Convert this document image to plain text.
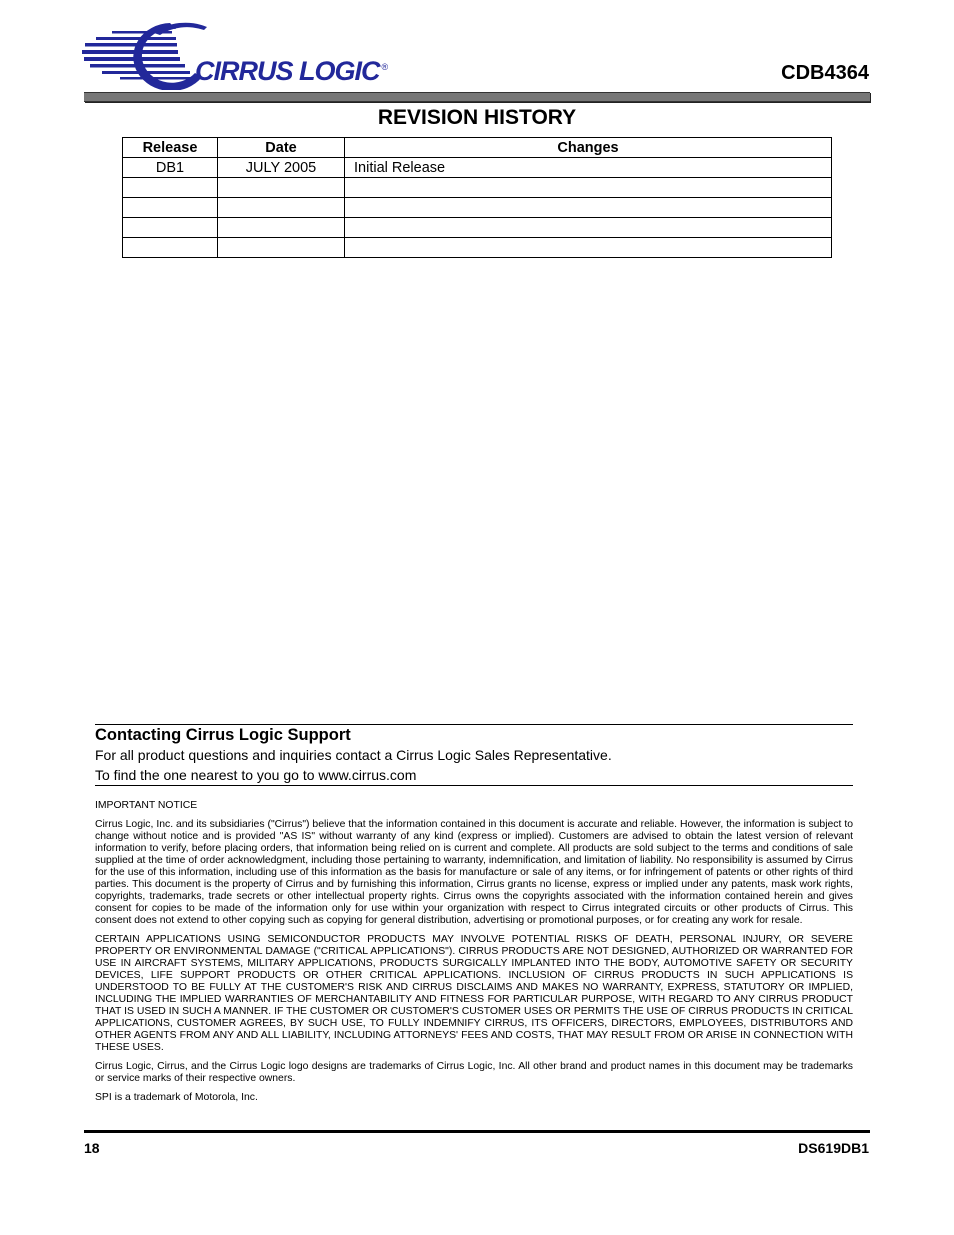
CIRRUS LOGIC ®	CDB4364
REVISION HISTORY
Release	Date	Changes
DB1	JULY 2005	Initial Release

Contacting Cirrus Logic Support
For all product questions and inquiries contact a Cirrus Logic Sales Representative.
To find the one nearest to you go to www.cirrus.com

IMPORTANT NOTICE

Cirrus Logic, Inc. and its subsidiaries ("Cirrus") believe that the information contained in this document is accurate and reliable. However, the information is subject to change without notice and is provided "AS IS" without warranty of any kind (express or implied). Customers are advised to obtain the latest version of relevant information to verify, before placing orders, that information being relied on is current and complete. All products are sold subject to the terms and conditions of sale supplied at the time of order acknowledgment, including those pertaining to warranty, indemnification, and limitation of liability. No responsibility is assumed by Cirrus for the use of this information, including use of this information as the basis for manufacture or sale of any items, or for infringement of patents or other rights of third parties. This document is the property of Cirrus and by furnishing this information, Cirrus grants no license, express or implied under any patents, mask work rights, copyrights, trademarks, trade secrets or other intellectual property rights. Cirrus owns the copyrights associated with the information contained herein and gives consent for copies to be made of the information only for use within your organization with respect to Cirrus integrated circuits or other products of Cirrus. This consent does not extend to other copying such as copying for general distribution, advertising or promotional purposes, or for creating any work for resale.

CERTAIN APPLICATIONS USING SEMICONDUCTOR PRODUCTS MAY INVOLVE POTENTIAL RISKS OF DEATH, PERSONAL INJURY, OR SEVERE PROPERTY OR ENVIRONMENTAL DAMAGE ("CRITICAL APPLICATIONS"). CIRRUS PRODUCTS ARE NOT DESIGNED, AUTHORIZED OR WARRANTED FOR USE IN AIRCRAFT SYSTEMS, MILITARY APPLICATIONS, PRODUCTS SURGICALLY IMPLANTED INTO THE BODY, AUTOMOTIVE SAFETY OR SECURITY DEVICES, LIFE SUPPORT PRODUCTS OR OTHER CRITICAL APPLICATIONS. INCLUSION OF CIRRUS PRODUCTS IN SUCH APPLICATIONS IS UNDERSTOOD TO BE FULLY AT THE CUSTOMER'S RISK AND CIRRUS DISCLAIMS AND MAKES NO WARRANTY, EXPRESS, STATUTORY OR IMPLIED, INCLUDING THE IMPLIED WARRANTIES OF MERCHANTABILITY AND FITNESS FOR PARTICULAR PURPOSE, WITH REGARD TO ANY CIRRUS PRODUCT THAT IS USED IN SUCH A MANNER. IF THE CUSTOMER OR CUSTOMER'S CUSTOMER USES OR PERMITS THE USE OF CIRRUS PRODUCTS IN CRITICAL APPLICATIONS, CUSTOMER AGREES, BY SUCH USE, TO FULLY INDEMNIFY CIRRUS, ITS OFFICERS, DIRECTORS, EMPLOYEES, DISTRIBUTORS AND OTHER AGENTS FROM ANY AND ALL LIABILITY, INCLUDING ATTORNEYS' FEES AND COSTS, THAT MAY RESULT FROM OR ARISE IN CONNECTION WITH THESE USES.

Cirrus Logic, Cirrus, and the Cirrus Logic logo designs are trademarks of Cirrus Logic, Inc. All other brand and product names in this document may be trademarks or service marks of their respective owners.

SPI is a trademark of Motorola, Inc.

18	DS619DB1
